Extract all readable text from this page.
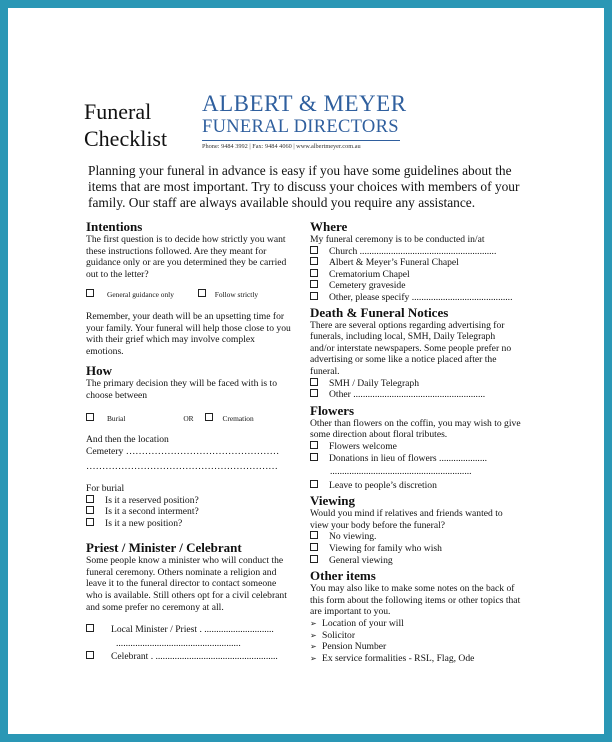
Funeral
Checklist
ALBERT & MEYER
FUNERAL DIRECTORS
Phone: 9484 3992 | Fax: 9484 4060 | www.albertmeyer.com.au
Planning your funeral in advance is easy if you have some guidelines about the items that are most important. Try to discuss your choices with members of your family. Our staff are always available should you require any assistance.
Intentions

The first question is to decide how strictly you want these instructions followed. Are they meant for guidance only or are you determined they be carried out to the letter?

General guidance only	Follow strictly

Remember, your death will be an upsetting time for your family. Your funeral will help those close to you with their grief which may involve complex emotions.

How

The primary decision they will be faced with is to choose between

Burial	OR	Cremation

And then the location

Cemetery …………………………………………

……………………………………………………

For burial

Is it a reserved position?
Is it a second interment?
Is it a new position?
Priest / Minister / Celebrant

Some people know a minister who will conduct the funeral ceremony. Others nominate a religion and leave it to the funeral director to contact someone who is available. Still others opt for a civil celebrant and some prefer no ceremony at all.

Local Minister / Priest . .............................

....................................................

Celebrant . ...................................................
Where

My funeral ceremony is to be conducted in/at

Church .........................................................
Albert & Meyer’s Funeral Chapel
Crematorium Chapel
Cemetery graveside
Other, please specify ..........................................
Death & Funeral Notices

There are several options regarding advertising for funerals, including local, SMH, Daily Telegraph and/or interstate newspapers. Some people prefer no advertising or some like a notice placed after the funeral.

SMH / Daily Telegraph
Other .......................................................
Flowers

Other than flowers on the coffin, you may wish to give some direction about floral tributes.

Flowers welcome
Donations in lieu of flowers ....................

...........................................................

Leave to people’s discretion
Viewing

Would you mind if relatives and friends wanted to view your body before the funeral?

No viewing.
Viewing for family who wish
General viewing
Other items

You may also like to make some notes on the back of this form about the following items or other topics that are important to you.

➢ Location of your will
➢ Solicitor
➢ Pension Number
➢ Ex service formalities - RSL, Flag, Ode
